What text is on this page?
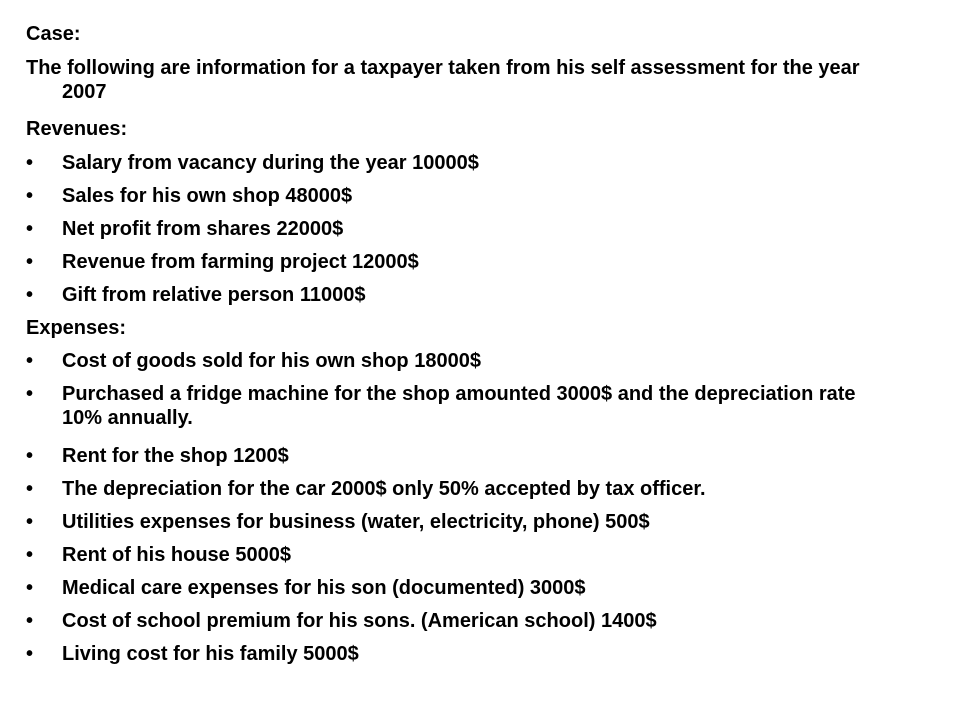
Case:
The following are information for a taxpayer taken from his self assessment for the year 2007
Revenues:
•	Salary from vacancy during the year 10000$
•	Sales for his own shop 48000$
•	Net profit from shares 22000$
•	Revenue from farming project 12000$
•	Gift from relative person 11000$
Expenses:
•	Cost of goods sold for his own shop 18000$
•	Purchased a fridge machine for the shop amounted 3000$ and the depreciation rate 10% annually.
•	Rent for the shop 1200$
•	The depreciation for the car 2000$ only 50% accepted by tax officer.
•	Utilities expenses for business (water, electricity, phone) 500$
•	Rent of his house 5000$
•	Medical care expenses for his son (documented) 3000$
•	Cost of school premium for his sons. (American school) 1400$
•	Living cost for his family 5000$
